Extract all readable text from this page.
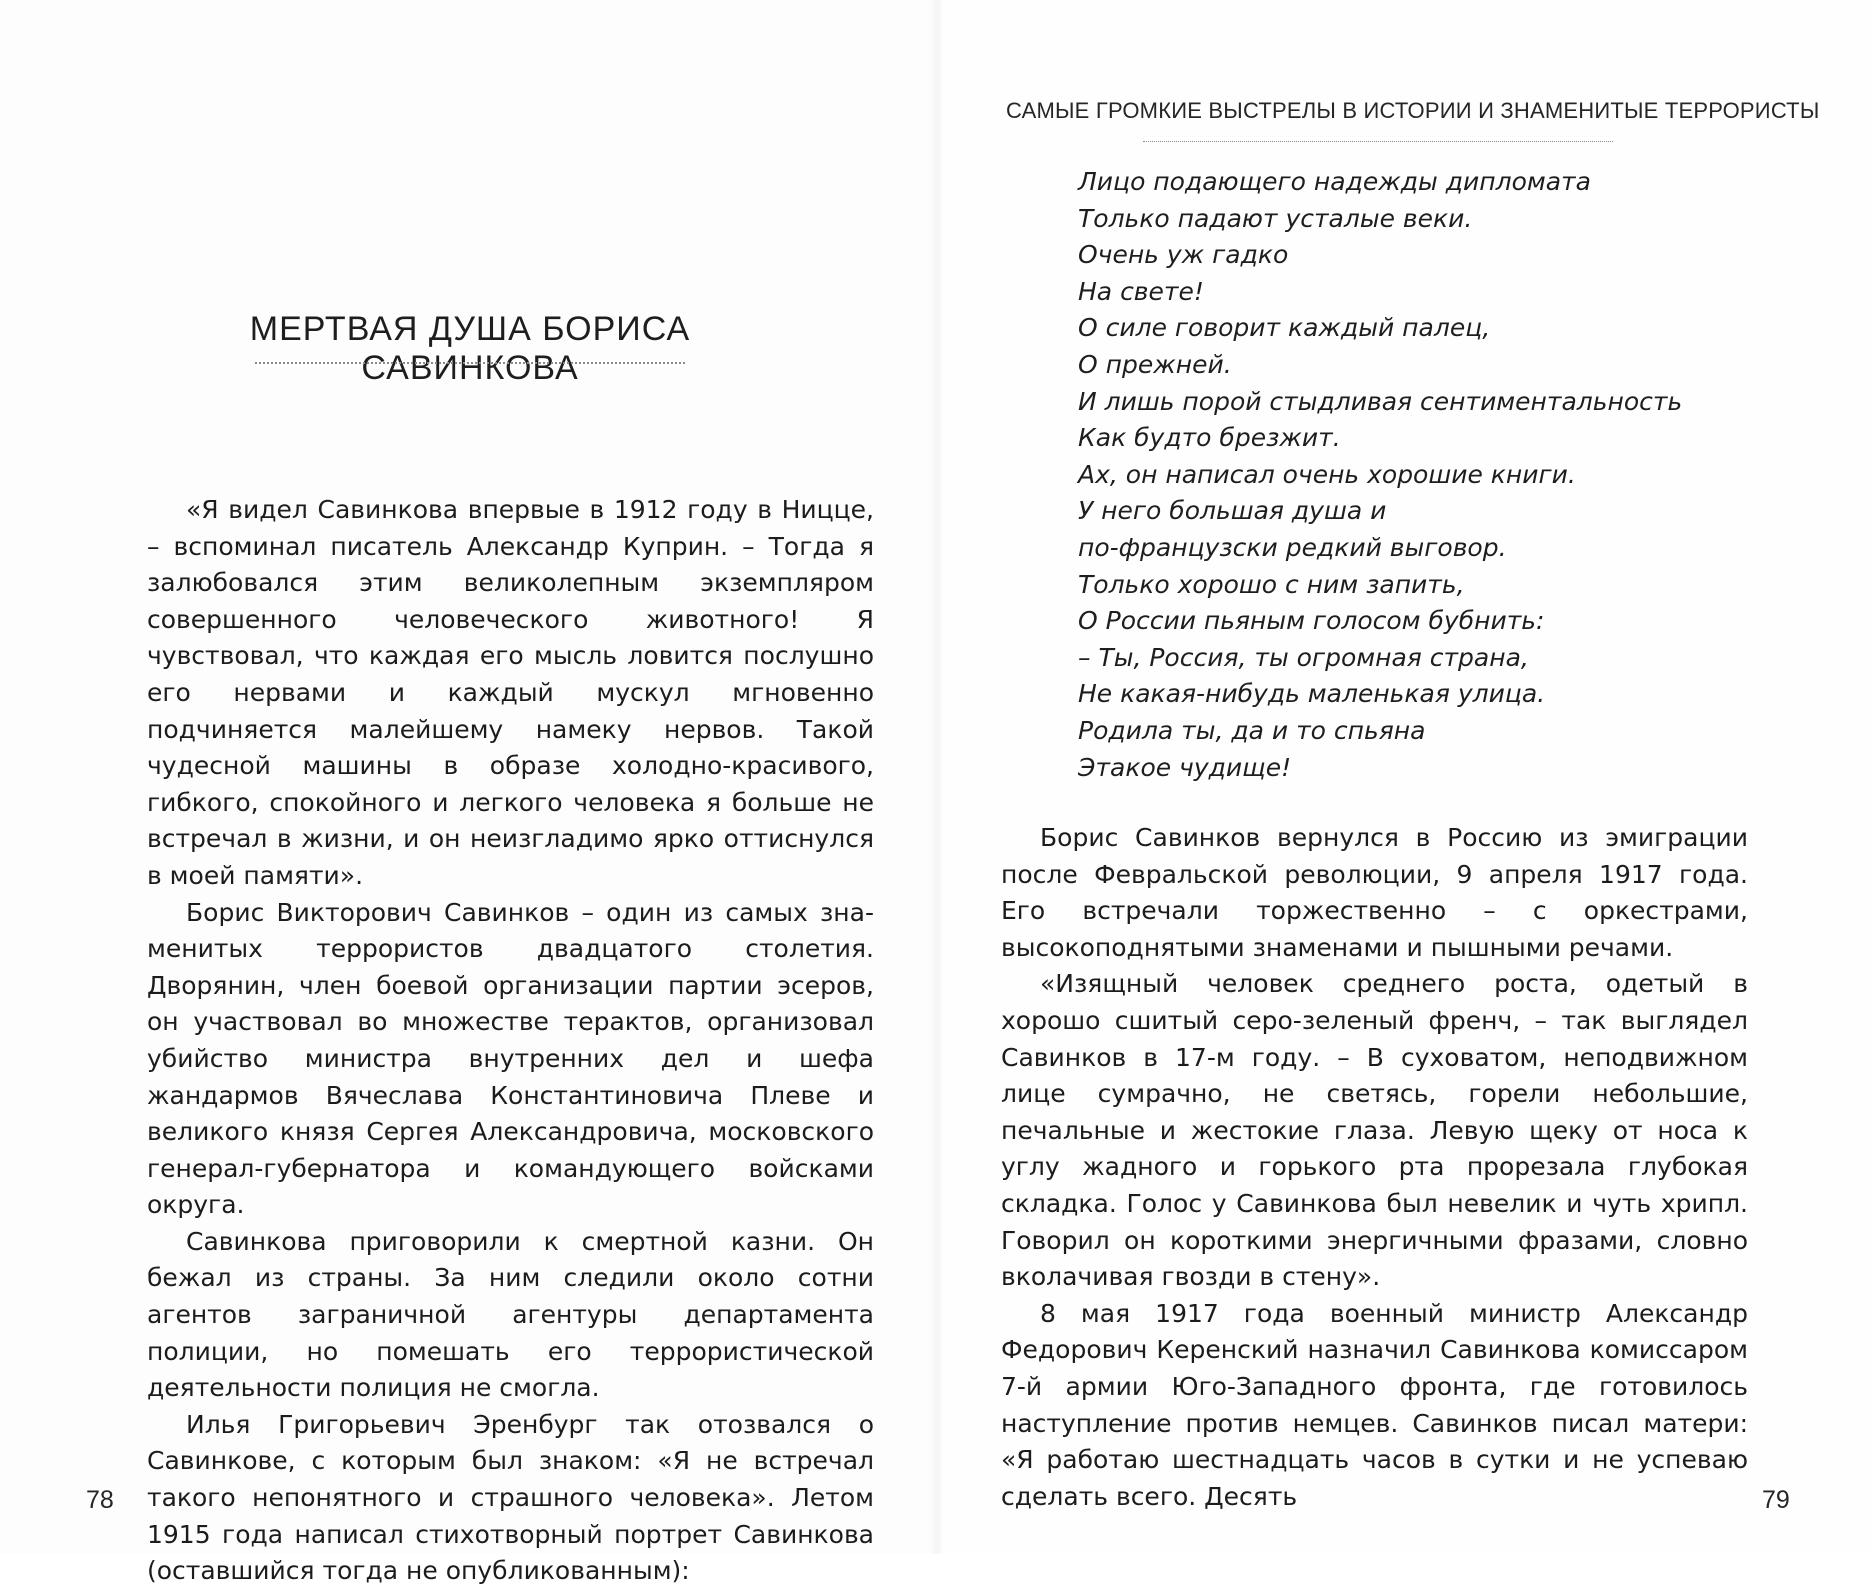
МЕРТВАЯ ДУША БОРИСА САВИНКОВА

«Я видел Савинкова впервые в 1912 году в Ницце, – вспоминал писатель Александр Куприн. – Тогда я залюбовался этим великолепным экземпляром совершенного человеческого животного! Я чувствовал, что каждая его мысль ловится послушно его нервами и каждый мускул мгновенно подчиняется малейшему намеку нервов. Такой чудесной машины в образе холодно-красивого, гибкого, спокойного и легкого человека я больше не встречал в жизни, и он неизгладимо ярко оттиснулся в моей памяти».

Борис Викторович Савинков – один из самых знаменитых террористов двадцатого столетия. Дворянин, член боевой организации партии эсеров, он участвовал во множестве терактов, организовал убийство министра внутренних дел и шефа жандармов Вячеслава Константиновича Плеве и великого князя Сергея Александровича, московского генерал-губернатора и командующего войсками округа.

Савинкова приговорили к смертной казни. Он бежал из страны. За ним следили около сотни агентов заграничной агентуры департамента полиции, но помешать его террористической деятельности полиция не смогла.

Илья Григорьевич Эренбург так отозвался о Савинкове, с которым был знаком: «Я не встречал такого непонятного и страшного человека». Летом 1915 года написал стихотворный портрет Савинкова (оставшийся тогда не опубликованным):

78
САМЫЕ ГРОМКИЕ ВЫСТРЕЛЫ В ИСТОРИИ И ЗНАМЕНИТЫЕ ТЕРРОРИСТЫ
Лицо подающего надежды дипломата
Только падают усталые веки.
Очень уж гадко
На свете!
О силе говорит каждый палец,
О прежней.
И лишь порой стыдливая сентиментальность
Как будто брезжит.
Ах, он написал очень хорошие книги.
У него большая душа и
по-французски редкий выговор.
Только хорошо с ним запить,
О России пьяным голосом бубнить:
– Ты, Россия, ты огромная страна,
Не какая-нибудь маленькая улица.
Родила ты, да и то спьяна
Этакое чудище!

Борис Савинков вернулся в Россию из эмиграции после Февральской революции, 9 апреля 1917 года. Его встречали торжественно – с оркестрами, высокоподнятыми знаменами и пышными речами.

«Изящный человек среднего роста, одетый в хорошо сшитый серо-зеленый френч, – так выглядел Савинков в 17-м году. – В суховатом, неподвижном лице сумрачно, не светясь, горели небольшие, печальные и жестокие глаза. Левую щеку от носа к углу жадного и горького рта прорезала глубокая складка. Голос у Савинкова был невелик и чуть хрипл. Говорил он короткими энергичными фразами, словно вколачивая гвозди в стену».

8 мая 1917 года военный министр Александр Федорович Керенский назначил Савинкова комиссаром 7-й армии Юго-Западного фронта, где готовилось наступление против немцев. Савинков писал матери: «Я работаю шестнадцать часов в сутки и не успеваю сделать всего. Десять	79
